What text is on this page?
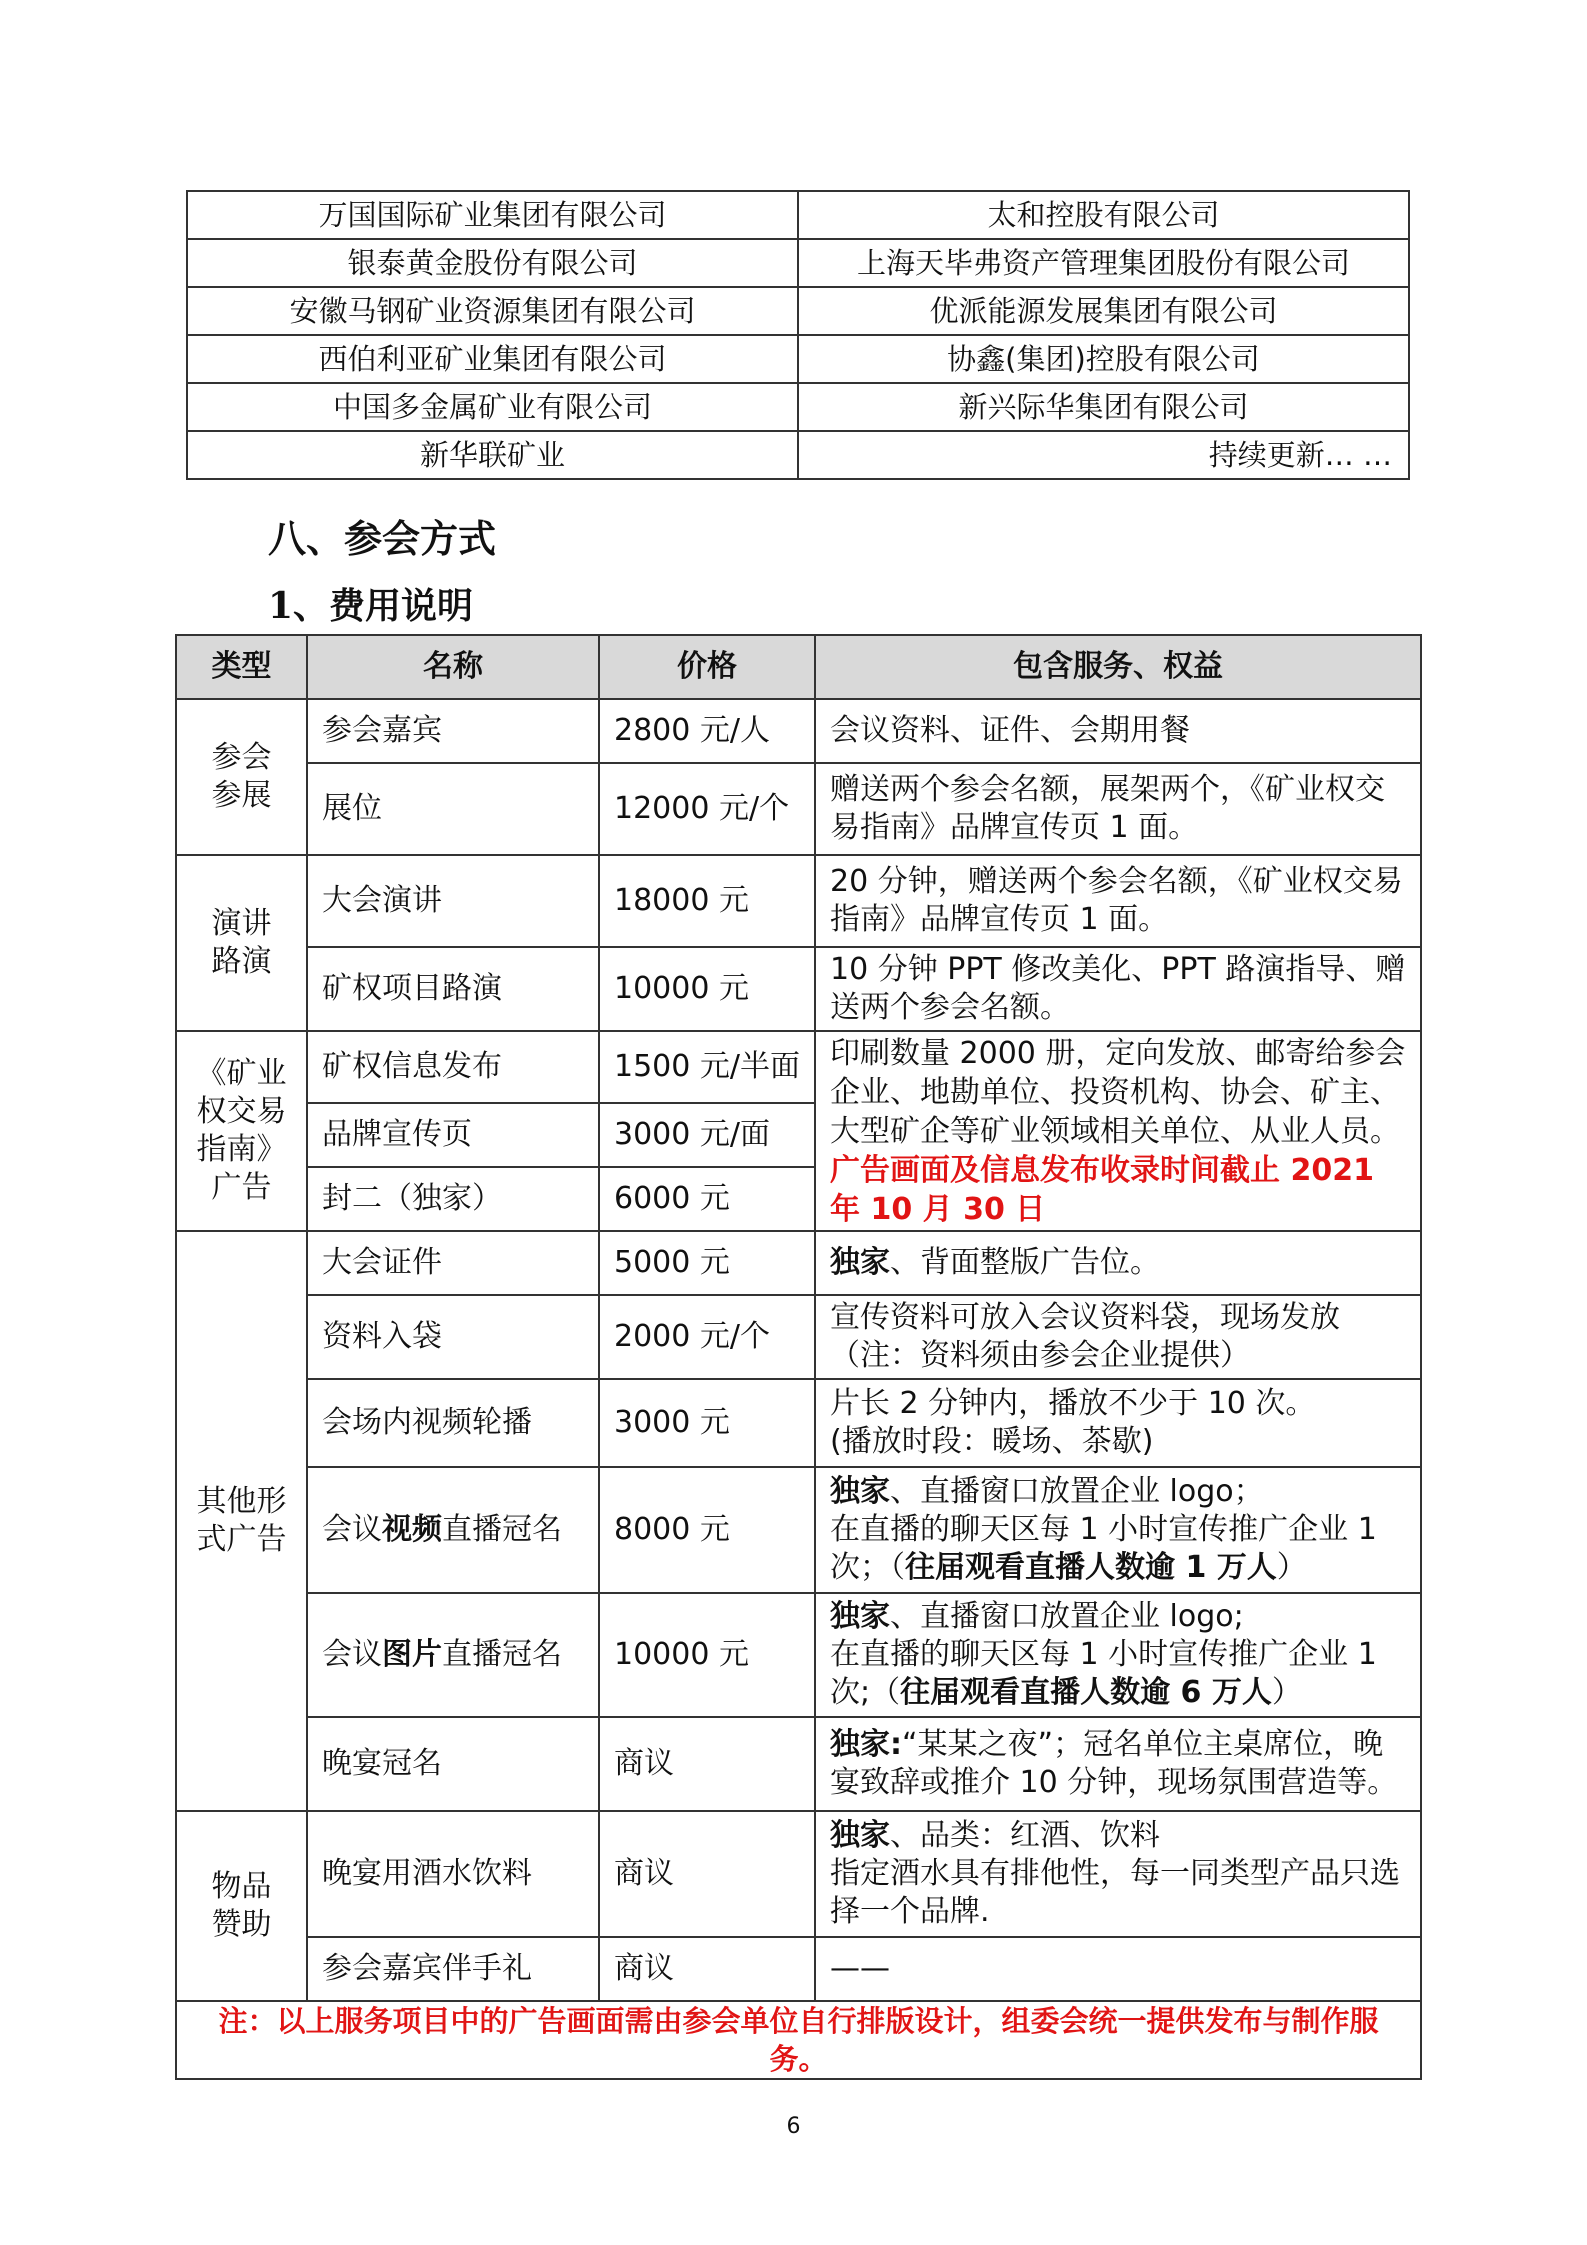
万国国际矿业集团有限公司	太和控股有限公司
银泰黄金股份有限公司	上海天毕弗资产管理集团股份有限公司
安徽马钢矿业资源集团有限公司	优派能源发展集团有限公司
西伯利亚矿业集团有限公司	协鑫(集团)控股有限公司
中国多金属矿业有限公司	新兴际华集团有限公司
新华联矿业	持续更新… …
八、参会方式
1、费用说明
类型	名称	价格	包含服务、权益

参会参展	参会嘉宾	2800 元/人	会议资料、证件、会期用餐
	展位	12000 元/个	赠送两个参会名额，展架两个，《矿业权交易指南》品牌宣传页 1 面。

演讲路演	大会演讲	18000 元	20 分钟，赠送两个参会名额，《矿业权交易指南》品牌宣传页 1 面。
	矿权项目路演	10000 元	10 分钟 PPT 修改美化、PPT 路演指导、赠送两个参会名额。

《矿业权交易指南》广告	矿权信息发布	1500 元/半面	印刷数量 2000 册，定向发放、邮寄给参会企业、地勘单位、投资机构、协会、矿主、大型矿企等矿业领域相关单位、从业人员。广告画面及信息发布收录时间截止 2021 年 10 月 30 日
	品牌宣传页	3000 元/面	
	封二（独家）	6000 元	

其他形式广告	大会证件	5000 元	独家、背面整版广告位。
	资料入袋	2000 元/个	宣传资料可放入会议资料袋，现场发放（注：资料须由参会企业提供）
	会场内视频轮播	3000 元	片长 2 分钟内，播放不少于 10 次。
(播放时段：暖场、茶歇)

	会议视频直播冠名	8000 元	独家、直播窗口放置企业 logo；
在直播的聊天区每 1 小时宣传推广企业 1 次；（往届观看直播人数逾 1 万人）

	会议图片直播冠名	10000 元	独家、直播窗口放置企业 logo;
在直播的聊天区每 1 小时宣传推广企业 1 次;（往届观看直播人数逾 6 万人）

	晚宴冠名	商议	独家:“某某之夜”；冠名单位主桌席位，晚宴致辞或推介 10 分钟，现场氛围营造等。

物品赞助	晚宴用酒水饮料	商议	独家、品类：红酒、饮料
指定酒水具有排他性，每一同类型产品只选择一个品牌.

	参会嘉宾伴手礼	商议	——
注：以上服务项目中的广告画面需由参会单位自行排版设计，组委会统一提供发布与制作服务。			
6
